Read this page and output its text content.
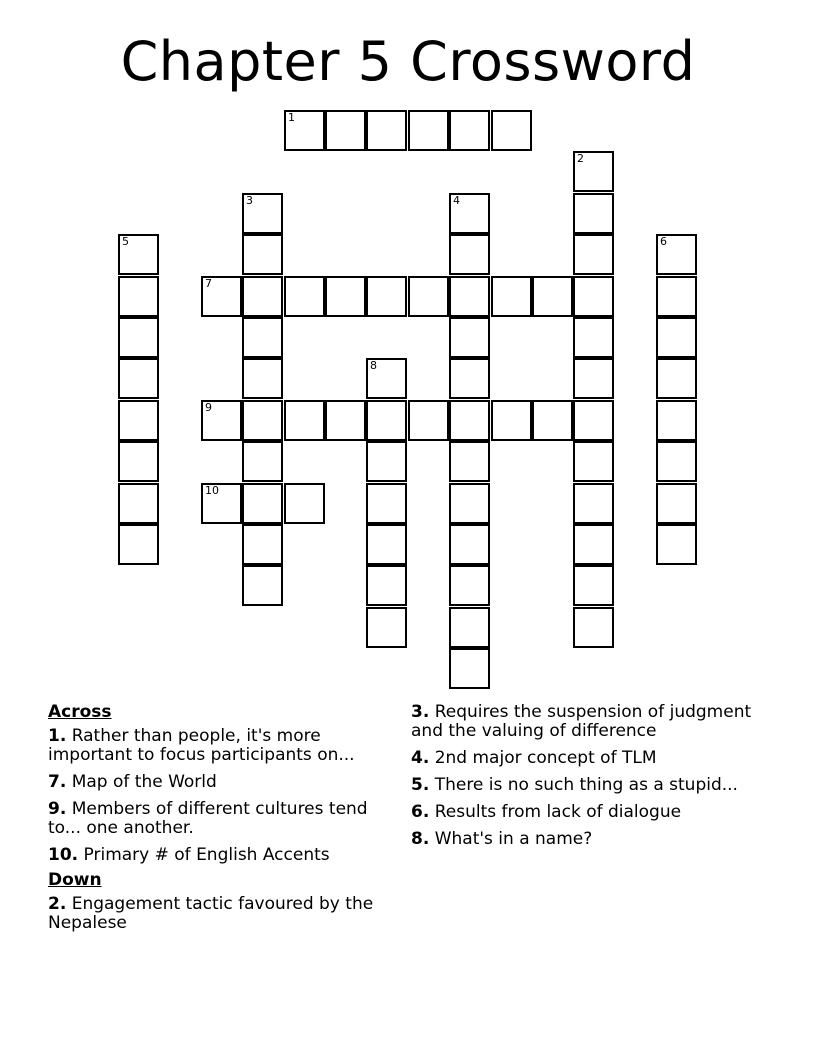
Chapter 5 Crossword
1
2
3	4
5	6
7
8
9
10
Across
1. Rather than people, it's more important to focus participants on...
7. Map of the World
9. Members of different cultures tend to... one another.
10. Primary # of English Accents
Down
2. Engagement tactic favoured by the Nepalese
3. Requires the suspension of judgment and the valuing of difference
4. 2nd major concept of TLM
5. There is no such thing as a stupid...
6. Results from lack of dialogue
8. What's in a name?
